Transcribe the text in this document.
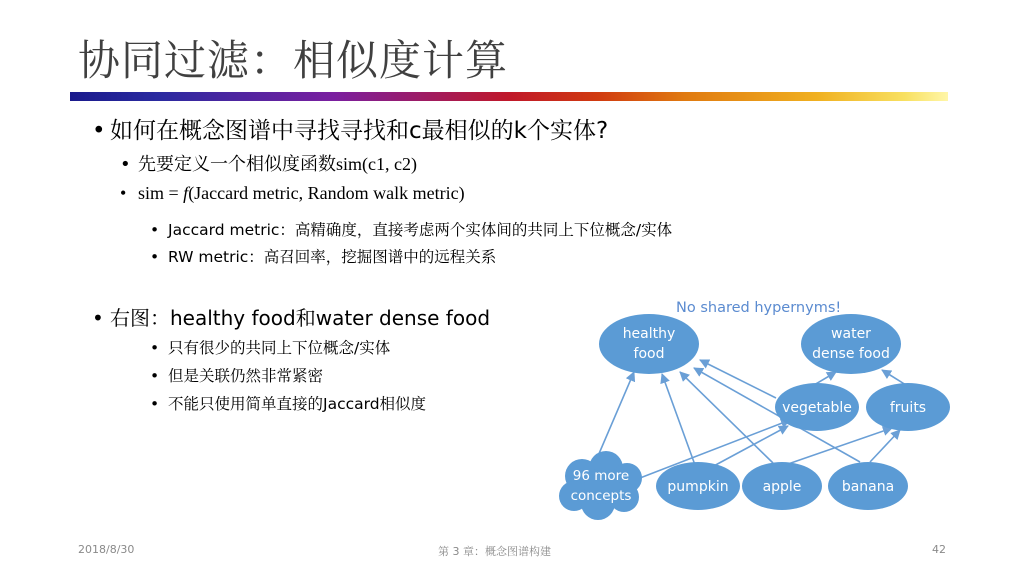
协同过滤：相似度计算
• 如何在概念图谱中寻找寻找和c最相似的k个实体?
• 先要定义一个相似度函数sim(c1, c2)
• sim = f(Jaccard metric, Random walk metric)
• Jaccard metric：高精确度，直接考虑两个实体间的共同上下位概念/实体
• RW metric：高召回率，挖掘图谱中的远程关系
• 右图：healthy food和water dense food
• 只有很少的共同上下位概念/实体
• 但是关联仍然非常紧密
• 不能只使用简单直接的Jaccard相似度
No shared hypernyms!
healthy
food
water
dense food
vegetable	fruits
96 more
concepts
pumpkin apple	banana
2018/8/30	第 3 章：概念图谱构建	42
